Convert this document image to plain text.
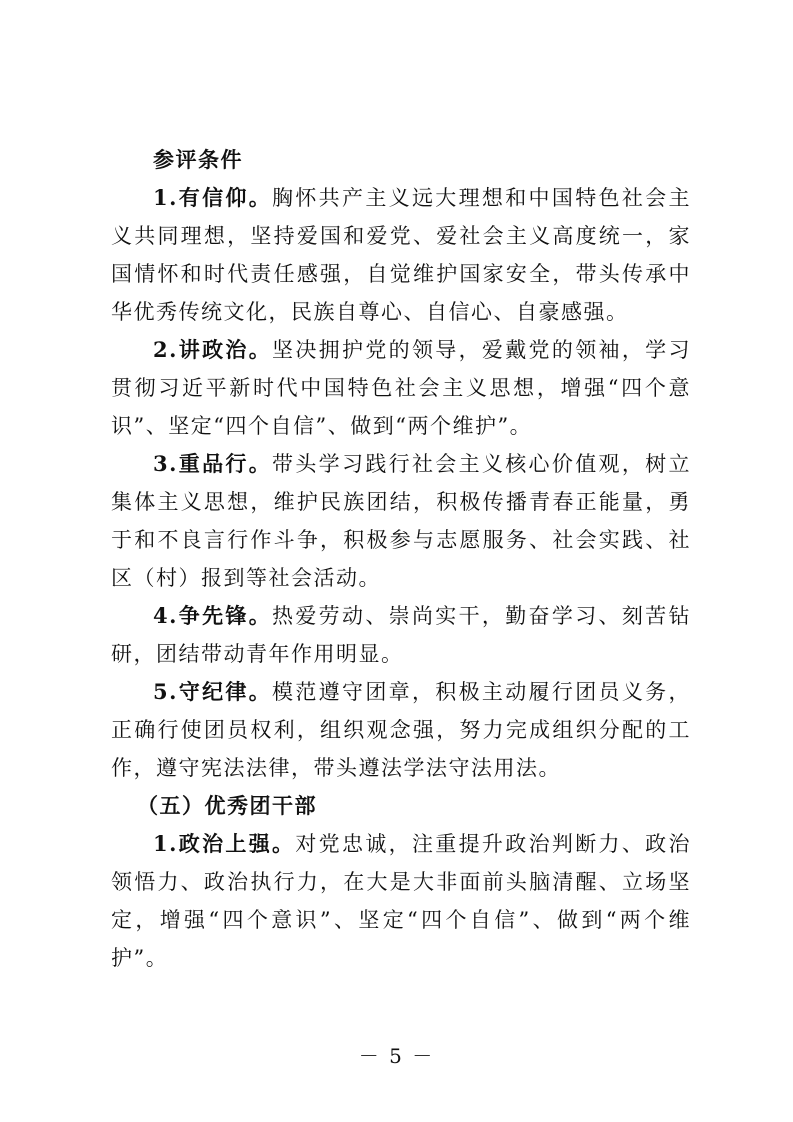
参评条件

1.有信仰。胸怀共产主义远大理想和中国特色社会主义共同理想，坚持爱国和爱党、爱社会主义高度统一，家国情怀和时代责任感强，自觉维护国家安全，带头传承中华优秀传统文化，民族自尊心、自信心、自豪感强。

2.讲政治。坚决拥护党的领导，爱戴党的领袖，学习贯彻习近平新时代中国特色社会主义思想，增强“四个意识”、坚定“四个自信”、做到“两个维护”。

3.重品行。带头学习践行社会主义核心价值观，树立集体主义思想，维护民族团结，积极传播青春正能量，勇于和不良言行作斗争，积极参与志愿服务、社会实践、社区（村）报到等社会活动。

4.争先锋。热爱劳动、崇尚实干，勤奋学习、刻苦钻研，团结带动青年作用明显。

5.守纪律。模范遵守团章，积极主动履行团员义务，正确行使团员权利，组织观念强，努力完成组织分配的工作，遵守宪法法律，带头遵法学法守法用法。

（五）优秀团干部

1.政治上强。对党忠诚，注重提升政治判断力、政治领悟力、政治执行力，在大是大非面前头脑清醒、立场坚定，增强“四个意识”、坚定“四个自信”、做到“两个维护”。

－ 5 －
